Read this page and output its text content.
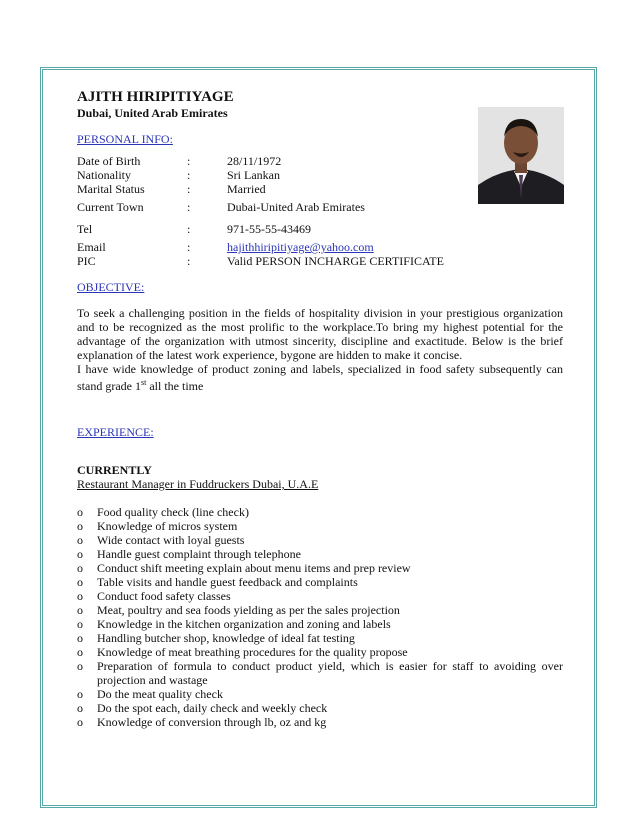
AJITH HIRIPITIYAGE

Dubai, United Arab Emirates

PERSONAL INFO:
Date of Birth	:	28/11/1972
Nationality	:	Sri Lankan
Marital Status	:	Married
Current Town	:	Dubai-United Arab Emirates
Tel	:	971-55-55-43469
Email	:	hajithhiripitiyage@yahoo.com
PIC	:	Valid PERSON INCHARGE CERTIFICATE
OBJECTIVE:

To seek a challenging position in the fields of hospitality division in your prestigious organization and to be recognized as the most prolific to the workplace.To bring my highest potential for the advantage of the organization with utmost sincerity, discipline and exactitude. Below is the brief explanation of the latest work experience, bygone are hidden to make it concise.

I have wide knowledge of product zoning and labels, specialized in food safety subsequently can stand grade 1st all the time

EXPERIENCE:
CURRENTLY
Restaurant Manager in Fuddruckers Dubai, U.A.E
o	Food quality check (line check)
o	Knowledge of micros system
o	Wide contact with loyal guests
o	Handle guest complaint through telephone
o	Conduct shift meeting explain about menu items and prep review
o	Table visits and handle guest feedback and complaints
o	Conduct food safety classes
o	Meat, poultry and sea foods yielding as per the sales projection
o	Knowledge in the kitchen organization and zoning and labels
o	Handling butcher shop, knowledge of ideal fat testing
o	Knowledge of meat breathing procedures for the quality propose
o	Preparation of formula to conduct product yield, which is easier for staff to avoiding over projection and wastage
o	Do the meat quality check
o	Do the spot each, daily check and weekly check
o	Knowledge of conversion through lb, oz and kg
